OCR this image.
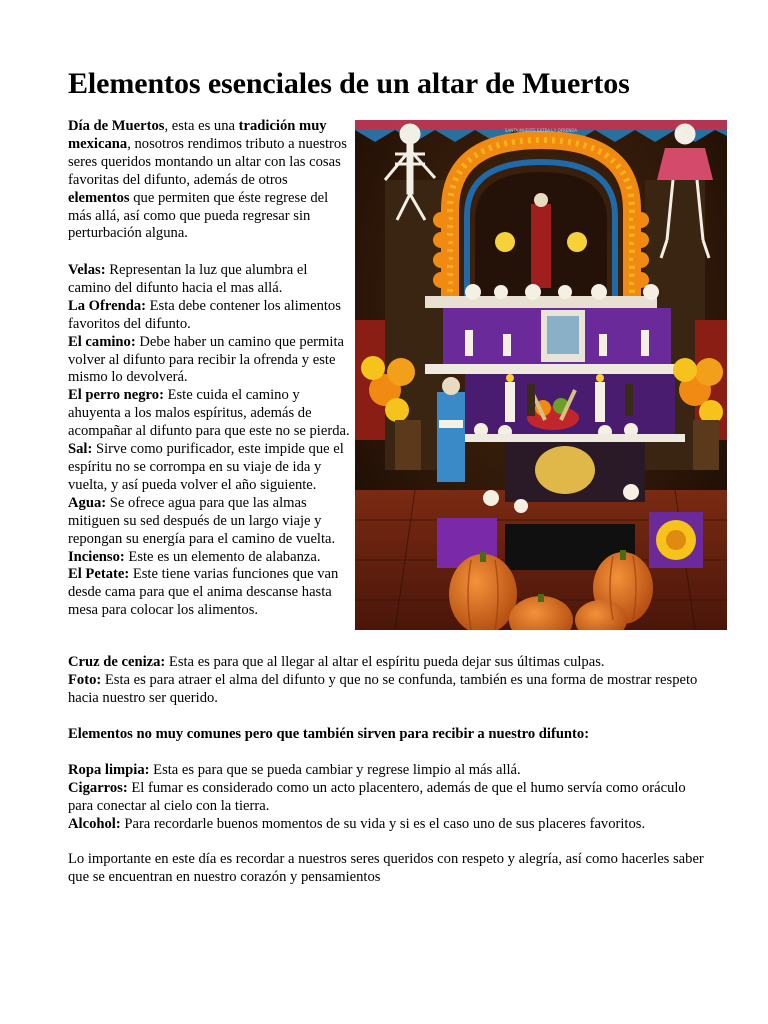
Elementos esenciales de un altar de Muertos

Día de Muertos, esta es una tradición muy mexicana, nosotros rendimos tributo a nuestros seres queridos montando un altar con las cosas favoritas del difunto, además de otros elementos que permiten que éste regrese del más allá, así como que pueda regresar sin perturbación alguna.

Velas: Representan la luz que alumbra el camino del difunto hacia el mas allá.
La Ofrenda: Esta debe contener los alimentos favoritos del difunto.
El camino: Debe haber un camino que permita volver al difunto para recibir la ofrenda y este mismo lo devolverá.
El perro negro: Este cuida el camino y ahuyenta a los malos espíritus, además de acompañar al difunto para que este no se pierda.
Sal: Sirve como purificador, este impide que el espíritu no se corrompa en su viaje de ida y vuelta, y así pueda volver el año siguiente.
Agua: Se ofrece agua para que las almas mitiguen su sed después de un largo viaje y repongan su energía para el camino de vuelta.
Incienso: Este es un elemento de alabanza.
El Petate: Este tiene varias funciones que van desde cama para que el anima descanse hasta mesa para colocar los alimentos.
Cruz de ceniza: Esta es para que al llegar al altar el espíritu pueda dejar sus últimas culpas.
Foto: Esta es para atraer el alma del difunto y que no se confunda, también es una forma de mostrar respeto hacia nuestro ser querido.

Elementos no muy comunes pero que también sirven para recibir a nuestro difunto:

Ropa limpia: Esta es para que se pueda cambiar y regrese limpio al más allá.
Cigarros: El fumar es considerado como un acto placentero, además de que el humo servía como oráculo para conectar al cielo con la tierra.
Alcohol: Para recordarle buenos momentos de su vida y si es el caso uno de sus placeres favoritos.

Lo importante en este día es recordar a nuestros seres queridos con respeto y alegría, así como hacerles saber que se encuentran en nuestro corazón y pensamientos

SANTA MUERTE EXTRA LA OFRENDA
